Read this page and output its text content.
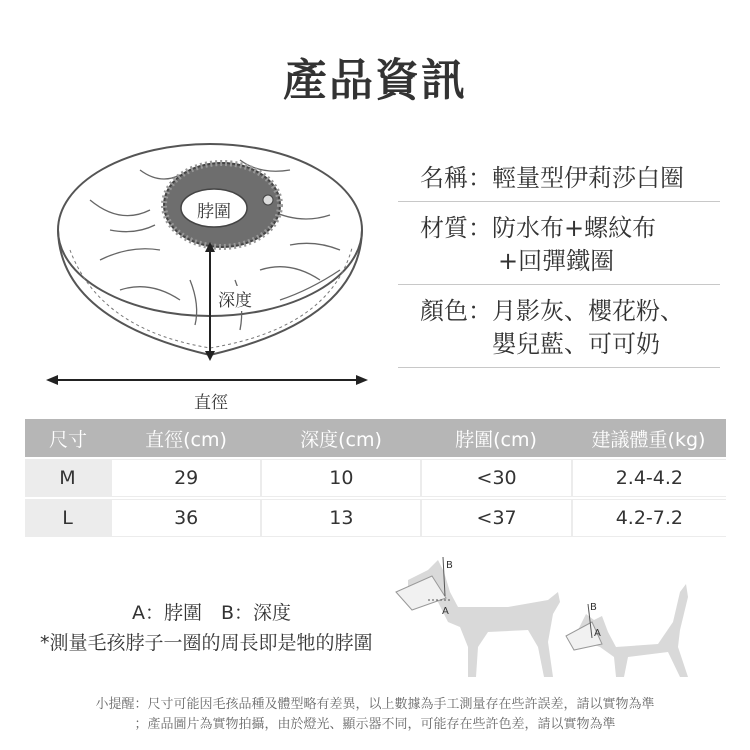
產品資訊
脖圍
深度
直徑
名稱：輕量型伊莉莎白圈
材質：防水布+螺紋布
+回彈鐵圈
顏色：月影灰、櫻花粉、
嬰兒藍、可可奶
尺寸	直徑(cm)	深度(cm)	脖圍(cm)	建議體重(kg)
M	29	10	<30	2.4-4.2
L	36	13	<37	4.2-7.2
A：脖圍　B：深度
*測量毛孩脖子一圈的周長即是牠的脖圍
B
A	B
A
小提醒：尺寸可能因毛孩品種及體型略有差異，以上數據為手工測量存在些許誤差，請以實物為準
；產品圖片為實物拍攝，由於燈光、顯示器不同，可能存在些許色差，請以實物為準
